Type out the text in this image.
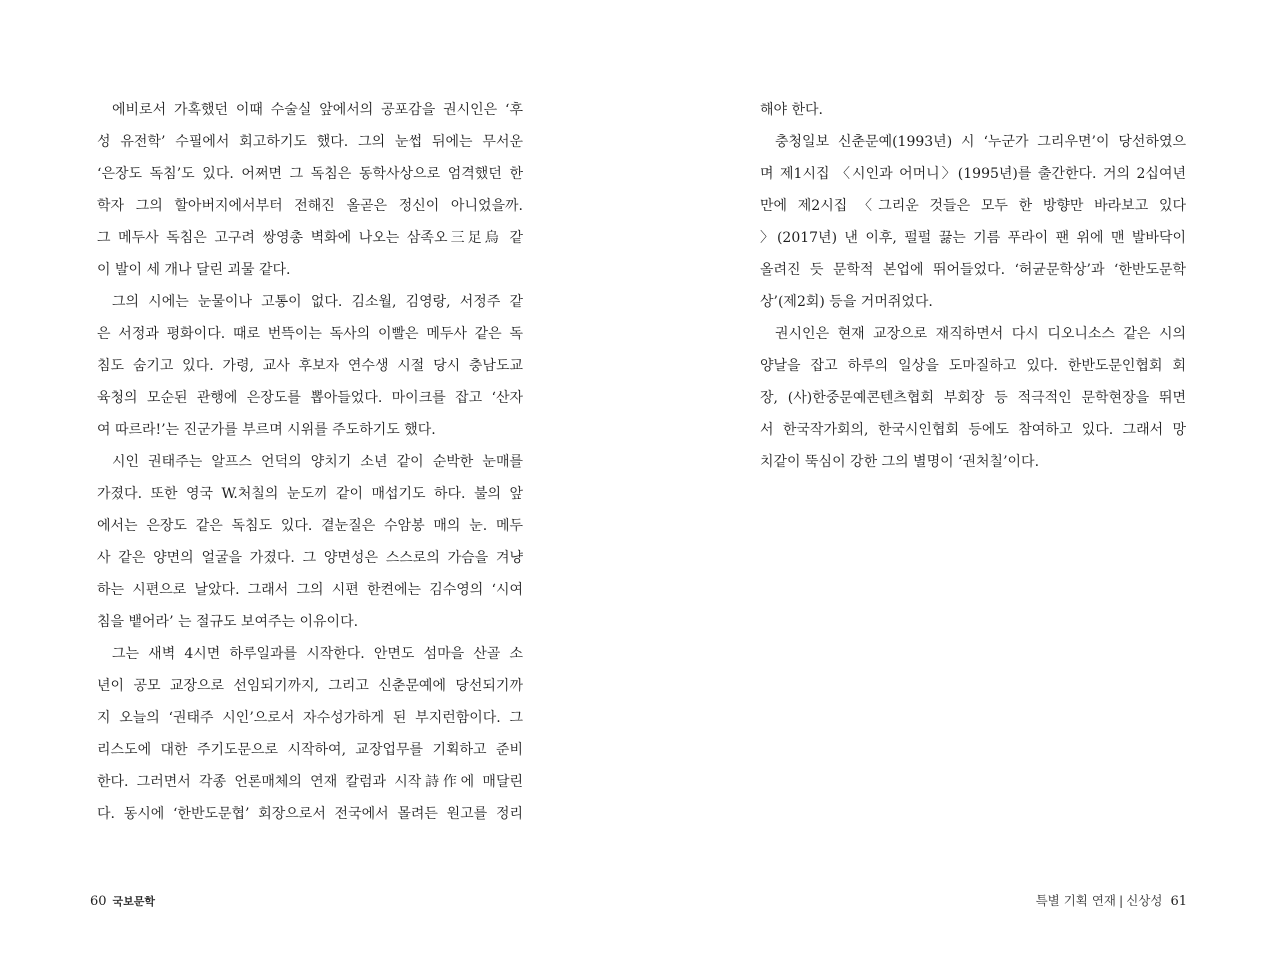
에비로서 가혹했던 이때 수술실 앞에서의 공포감을 권시인은 ‘후
성 유전학’ 수필에서 회고하기도 했다. 그의 눈썹 뒤에는 무서운
‘은장도 독침’도 있다. 어쩌면 그 독침은 동학사상으로 엄격했던 한
학자 그의 할아버지에서부터 전해진 올곧은 정신이 아니었을까.
그 메두사 독침은 고구려 쌍영총 벽화에 나오는 삼족오三足烏 같
이 발이 세 개나 달린 괴물 같다.
그의 시에는 눈물이나 고통이 없다. 김소월, 김영랑, 서정주 같
은 서정과 평화이다. 때로 번뜩이는 독사의 이빨은 메두사 같은 독
침도 숨기고 있다. 가령, 교사 후보자 연수생 시절 당시 충남도교
육청의 모순된 관행에 은장도를 뽑아들었다. 마이크를 잡고 ‘산자
여 따르라!’는 진군가를 부르며 시위를 주도하기도 했다.
시인 권태주는 알프스 언덕의 양치기 소년 같이 순박한 눈매를
가졌다. 또한 영국 W.처칠의 눈도끼 같이 매섭기도 하다. 불의 앞
에서는 은장도 같은 독침도 있다. 곁눈질은 수암봉 매의 눈. 메두
사 같은 양면의 얼굴을 가졌다. 그 양면성은 스스로의 가슴을 겨냥
하는 시편으로 날았다. 그래서 그의 시편 한켠에는 김수영의 ‘시여
침을 뱉어라’ 는 절규도 보여주는 이유이다.
그는 새벽 4시면 하루일과를 시작한다. 안면도 섬마을 산골 소
년이 공모 교장으로 선임되기까지, 그리고 신춘문예에 당선되기까
지 오늘의 ‘권태주 시인’으로서 자수성가하게 된 부지런함이다. 그
리스도에 대한 주기도문으로 시작하여, 교장업무를 기획하고 준비
한다. 그러면서 각종 언론매체의 연재 칼럼과 시작詩作에 매달린
다. 동시에 ‘한반도문협’ 회장으로서 전국에서 몰려든 원고를 정리
60 국보문학
해야 한다.
충청일보 신춘문예(1993년) 시 ‘누군가 그리우면’이 당선하였으
며 제1시집 〈시인과 어머니〉(1995년)를 출간한다. 거의 2십여년
만에 제2시집 〈그리운 것들은 모두 한 방향만 바라보고 있다
〉(2017년) 낸 이후, 펄펄 끓는 기름 푸라이 팬 위에 맨 발바닥이
올려진 듯 문학적 본업에 뛰어들었다. ‘허균문학상’과 ‘한반도문학
상’(제2회) 등을 거머쥐었다.
권시인은 현재 교장으로 재직하면서 다시 디오니소스 같은 시의
양날을 잡고 하루의 일상을 도마질하고 있다. 한반도문인협회 회
장, (사)한중문예콘텐츠협회 부회장 등 적극적인 문학현장을 뛰면
서 한국작가회의, 한국시인협회 등에도 참여하고 있다. 그래서 망
치같이 뚝심이 강한 그의 별명이 ‘권처칠’이다.
특별 기획 연재 | 신상성 61
